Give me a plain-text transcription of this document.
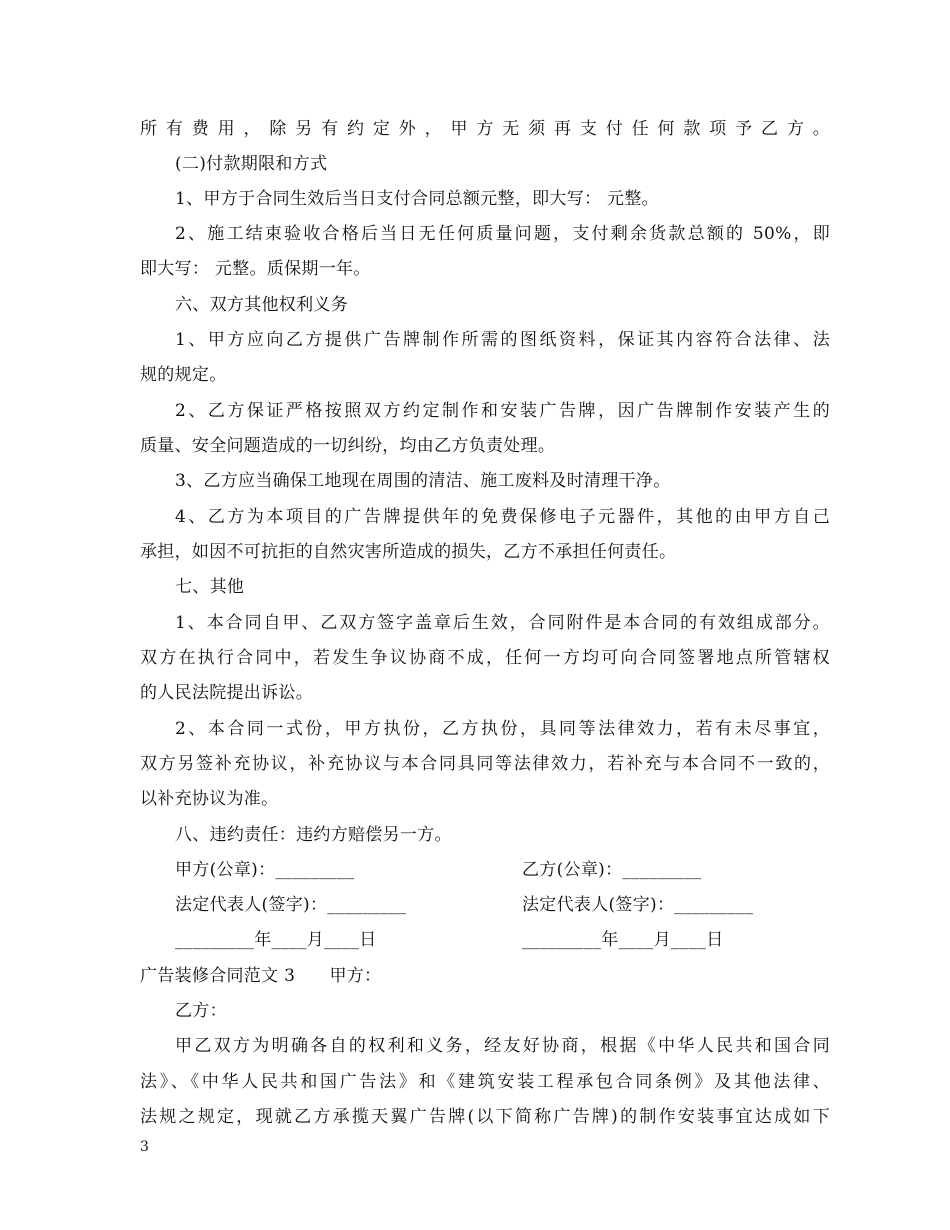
所有费用，除另有约定外，甲方无须再支付任何款项予乙方。
(二)付款期限和方式
1、甲方于合同生效后当日支付合同总额元整，即大写： 元整。
2、施工结束验收合格后当日无任何质量问题，支付剩余货款总额的 50%，即
即大写： 元整。质保期一年。
六、双方其他权利义务
1、甲方应向乙方提供广告牌制作所需的图纸资料，保证其内容符合法律、法
规的规定。
2、乙方保证严格按照双方约定制作和安装广告牌，因广告牌制作安装产生的
质量、安全问题造成的一切纠纷，均由乙方负责处理。
3、乙方应当确保工地现在周围的清洁、施工废料及时清理干净。
4、乙方为本项目的广告牌提供年的免费保修电子元器件，其他的由甲方自己
承担，如因不可抗拒的自然灾害所造成的损失，乙方不承担任何责任。
七、其他
1、本合同自甲、乙双方签字盖章后生效，合同附件是本合同的有效组成部分。
双方在执行合同中，若发生争议协商不成，任何一方均可向合同签署地点所管辖权
的人民法院提出诉讼。
2、本合同一式份，甲方执份，乙方执份，具同等法律效力，若有未尽事宜，
双方另签补充协议，补充协议与本合同具同等法律效力，若补充与本合同不一致的，
以补充协议为准。
八、违约责任：违约方赔偿另一方。
甲方(公章)：_________	乙方(公章)：_________
法定代表人(签字)：_________	法定代表人(签字)：_________
_________年____月____日	_________年____月____日
广告装修合同范文 3      甲方：
乙方：
甲乙双方为明确各自的权利和义务，经友好协商，根据《中华人民共和国合同
法》、《中华人民共和国广告法》和《建筑安装工程承包合同条例》及其他法律、
法规之规定，现就乙方承揽天翼广告牌(以下简称广告牌)的制作安装事宜达成如下
3
